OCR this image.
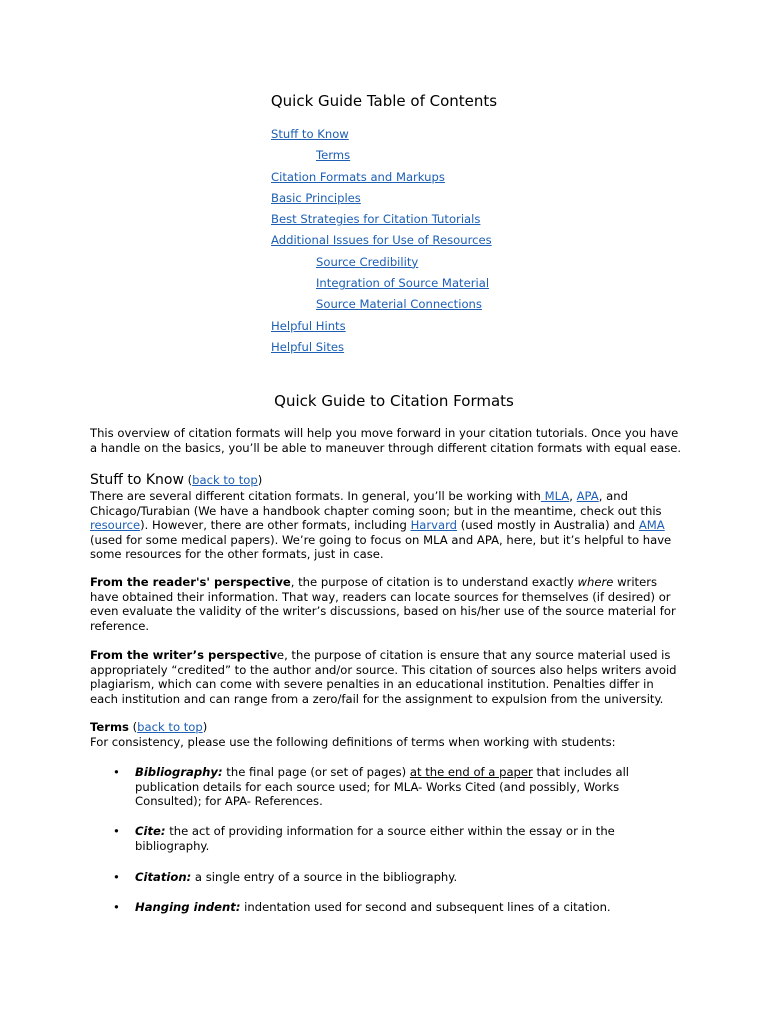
Quick Guide Table of Contents
Stuff to Know
Terms
Citation Formats and Markups
Basic Principles
Best Strategies for Citation Tutorials
Additional Issues for Use of Resources
Source Credibility
Integration of Source Material
Source Material Connections
Helpful Hints
Helpful Sites
Quick Guide to Citation Formats

This overview of citation formats will help you move forward in your citation tutorials. Once you have a handle on the basics, you’ll be able to maneuver through different citation formats with equal ease.

Stuff to Know (back to top)

There are several different citation formats. In general, you’ll be working with MLA, APA, and Chicago/Turabian (We have a handbook chapter coming soon; but in the meantime, check out this resource). However, there are other formats, including Harvard (used mostly in Australia) and AMA (used for some medical papers). We’re going to focus on MLA and APA, here, but it’s helpful to have some resources for the other formats, just in case.

From the reader's' perspective, the purpose of citation is to understand exactly where writers have obtained their information. That way, readers can locate sources for themselves (if desired) or even evaluate the validity of the writer’s discussions, based on his/her use of the source material for reference.

From the writer’s perspective, the purpose of citation is ensure that any source material used is appropriately “credited” to the author and/or source. This citation of sources also helps writers avoid plagiarism, which can come with severe penalties in an educational institution. Penalties differ in each institution and can range from a zero/fail for the assignment to expulsion from the university.

Terms (back to top)

For consistency, please use the following definitions of terms when working with students:

• Bibliography: the final page (or set of pages) at the end of a paper that includes all publication details for each source used; for MLA- Works Cited (and possibly, Works Consulted); for APA- References.
• Cite: the act of providing information for a source either within the essay or in the bibliography.
• Citation: a single entry of a source in the bibliography.
• Hanging indent: indentation used for second and subsequent lines of a citation.
